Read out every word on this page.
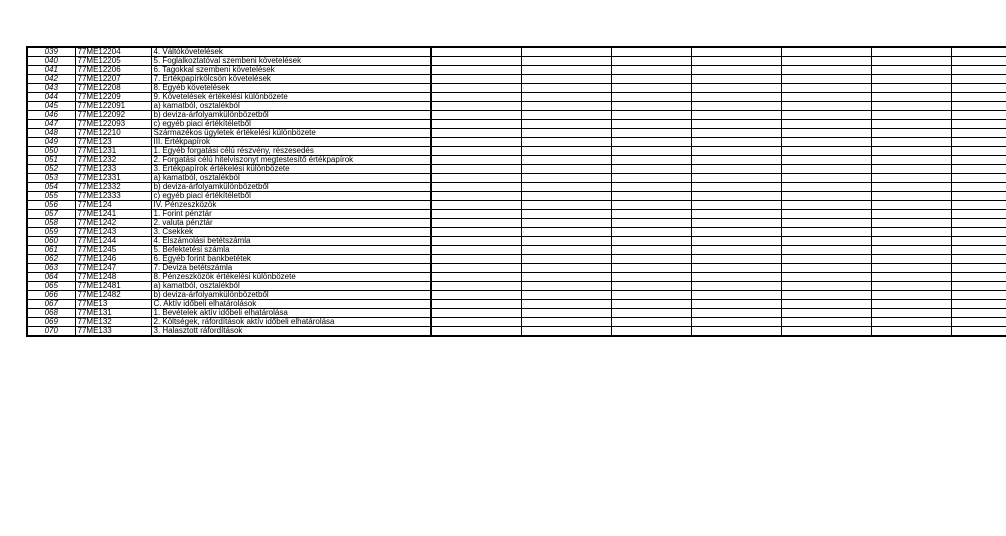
039	77ME12204	4. Váltókövetelések								
040	77ME12205	5. Foglalkoztatóval szembeni követelések								
041	77ME12206	6. Tagokkal szembeni követelések								
042	77ME12207	7. Értékpapírkölcsön követelések								
043	77ME12208	8. Egyéb követelések								
044	77ME12209	9. Követelések értékelési különbözete								
045	77ME122091	a) kamatból, osztalékból								
046	77ME122092	b) deviza-árfolyamkülönbözetből								
047	77ME122093	c) egyéb piaci értékítéletből								
048	77ME12210	Származékos ügyletek értékelési különbözete								
049	77ME123	III. Értékpapírok								
050	77ME1231	1. Egyéb forgatási célú részvény, részesedés								
051	77ME1232	2. Forgatási célú hitelviszonyt megtestesítő értékpapírok								
052	77ME1233	3. Értékpapírok értékelési különbözete								
053	77ME12331	a) kamatból, osztalékból								
054	77ME12332	b) deviza-árfolyamkülönbözetből								
055	77ME12333	c) egyéb piaci értékítéletből								
056	77ME124	IV. Pénzeszközök								
057	77ME1241	1. Forint pénztár								
058	77ME1242	2. valuta pénztár								
059	77ME1243	3. Csekkek								
060	77ME1244	4. Elszámolási betétszámla								
061	77ME1245	5. Befektetési számla								
062	77ME1246	6. Egyéb forint bankbetétek								
063	77ME1247	7. Deviza betétszámla								
064	77ME1248	8. Pénzeszközök értékelési különbözete								
065	77ME12481	a) kamatból, osztalékból								
066	77ME12482	b) deviza-árfolyamkülönbözetből								
067	77ME13	C. Aktív időbeli elhatárolások								
068	77ME131	1. Bevételek aktív időbeli elhatárolása								
069	77ME132	2. Költségek, ráfordítások aktív időbeli elhatárolása								
070	77ME133	3. Halasztott ráfordítások								
